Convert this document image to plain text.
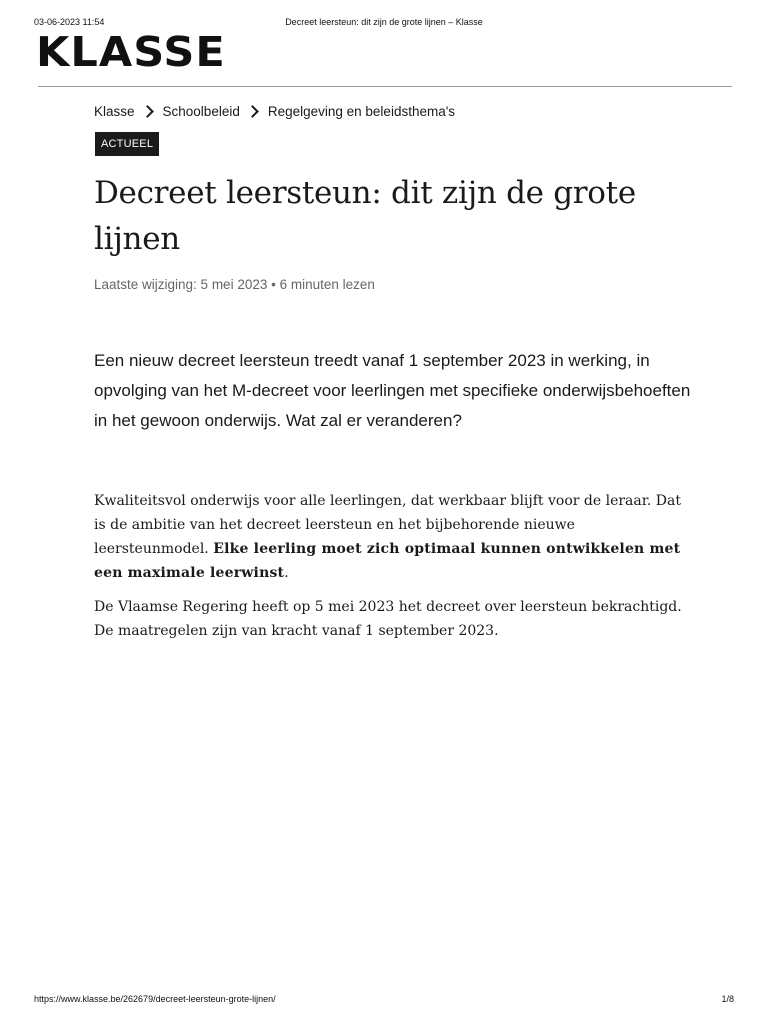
03-06-2023 11:54	Decreet leersteun: dit zijn de grote lijnen – Klasse
KLASSE
Klasse Schoolbeleid Regelgeving en beleidsthema's
ACTUEEL
Decreet leersteun: dit zijn de grote lijnen
Laatste wijziging: 5 mei 2023 • 6 minuten lezen

Een nieuw decreet leersteun treedt vanaf 1 september 2023 in werking, in opvolging van het M-decreet voor leerlingen met specifieke onderwijsbehoeften in het gewoon onderwijs. Wat zal er veranderen?

Kwaliteitsvol onderwijs voor alle leerlingen, dat werkbaar blijft voor de leraar. Dat is de ambitie van het decreet leersteun en het bijbehorende nieuwe leersteunmodel. Elke leerling moet zich optimaal kunnen ontwikkelen met een maximale leerwinst.

De Vlaamse Regering heeft op 5 mei 2023 het decreet over leersteun bekrachtigd. De maatregelen zijn van kracht vanaf 1 september 2023.

https://www.klasse.be/262679/decreet-leersteun-grote-lijnen/	1/8
